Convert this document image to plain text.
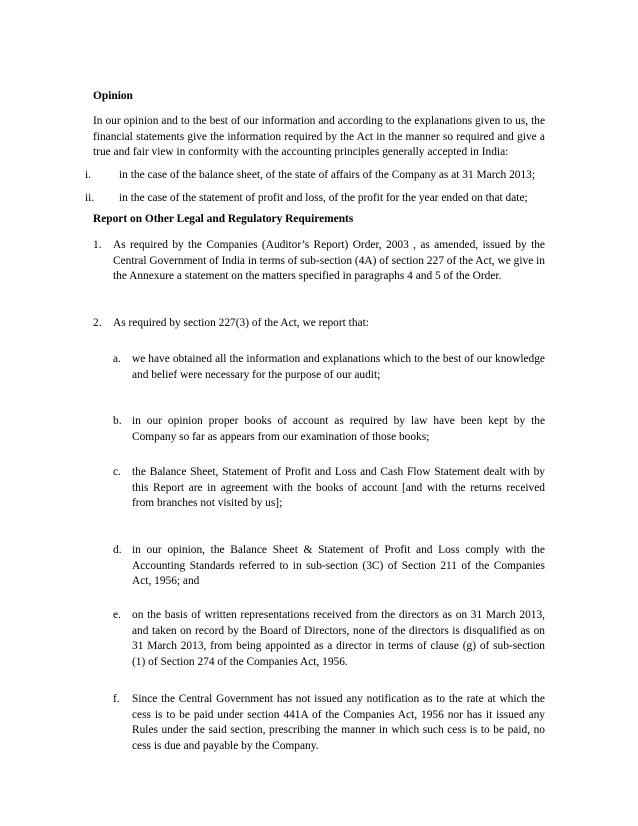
Opinion
In our opinion and to the best of our information and according to the explanations given to us, the financial statements give the information required by the Act in the manner so required and give a true and fair view in conformity with the accounting principles generally accepted in India:
i. in the case of the balance sheet, of the state of affairs of the Company as at 31 March 2013;
ii. in the case of the statement of profit and loss, of the profit for the year ended on that date;
Report on Other Legal and Regulatory Requirements
1. As required by the Companies (Auditor’s Report) Order, 2003 , as amended, issued by the Central Government of India in terms of sub-section (4A) of section 227 of the Act, we give in the Annexure a statement on the matters specified in paragraphs 4 and 5 of the Order.
2. As required by section 227(3) of the Act, we report that:
a. we have obtained all the information and explanations which to the best of our knowledge and belief were necessary for the purpose of our audit;
b. in our opinion proper books of account as required by law have been kept by the Company so far as appears from our examination of those books;
c. the Balance Sheet, Statement of Profit and Loss and Cash Flow Statement dealt with by this Report are in agreement with the books of account [and with the returns received from branches not visited by us];
d. in our opinion, the Balance Sheet & Statement of Profit and Loss comply with the Accounting Standards referred to in sub-section (3C) of Section 211 of the Companies Act, 1956; and
e. on the basis of written representations received from the directors as on 31 March 2013, and taken on record by the Board of Directors, none of the directors is disqualified as on 31 March 2013, from being appointed as a director in terms of clause (g) of sub-section (1) of Section 274 of the Companies Act, 1956.
f. Since the Central Government has not issued any notification as to the rate at which the cess is to be paid under section 441A of the Companies Act, 1956 nor has it issued any Rules under the said section, prescribing the manner in which such cess is to be paid, no cess is due and payable by the Company.
